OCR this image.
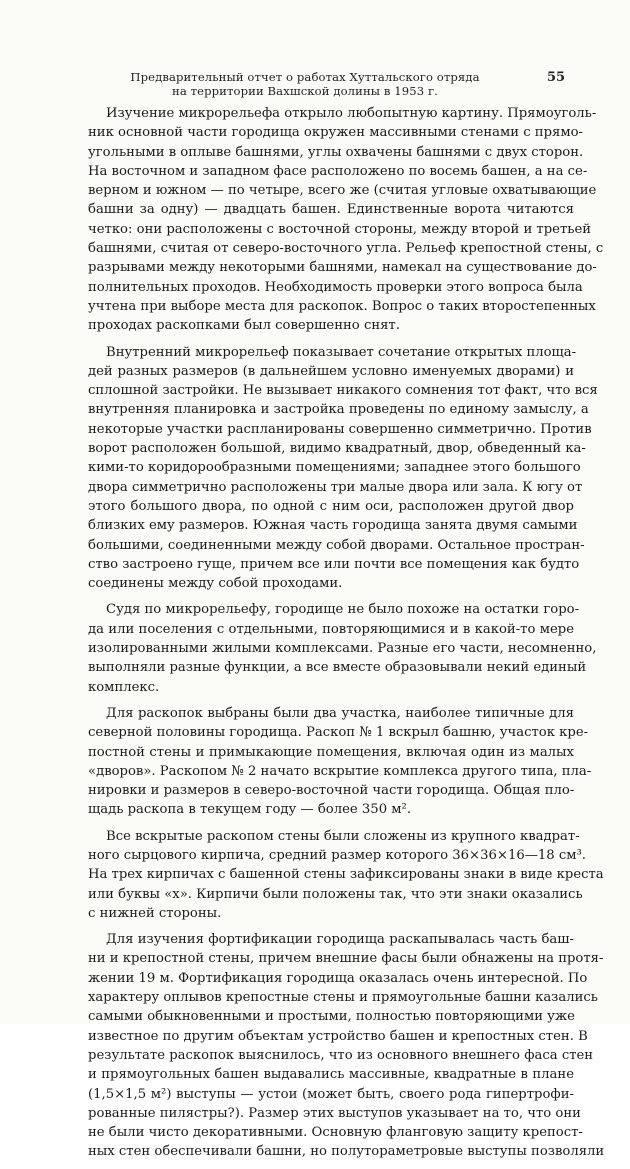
Предварительный отчет о работах Хуттальского отряда
на территории Вахшской долины в 1953 г.
55
Изучение микрорельефа открыло любопытную картину. Прямоуголь-
ник основной части городища окружен массивными стенами с прямо-
угольными в оплыве башнями, углы охвачены башнями с двух сторон.
На восточном и западном фасе расположено по восемь башен, а на се-
верном и южном — по четыре, всего же (считая угловые охватывающие
башни за одну) — двадцать башен. Единственные ворота читаются
четко: они расположены с восточной стороны, между второй и третьей
башнями, считая от северо-восточного угла. Рельеф крепостной стены, с
разрывами между некоторыми башнями, намекал на существование до-
полнительных проходов. Необходимость проверки этого вопроса была
учтена при выборе места для раскопок. Вопрос о таких второстепенных
проходах раскопками был совершенно снят.
Внутренний микрорельеф показывает сочетание открытых площа-
дей разных размеров (в дальнейшем условно именуемых дворами) и
сплошной застройки. Не вызывает никакого сомнения тот факт, что вся
внутренняя планировка и застройка проведены по единому замыслу, а
некоторые участки распланированы совершенно симметрично. Против
ворот расположен большой, видимо квадратный, двор, обведенный ка-
кими-то коридорообразными помещениями; западнее этого большого
двора симметрично расположены три малые двора или зала. К югу от
этого большого двора, по одной с ним оси, расположен другой двор
близких ему размеров. Южная часть городища занята двумя самыми
большими, соединенными между собой дворами. Остальное простран-
ство застроено гуще, причем все или почти все помещения как будто
соединены между собой проходами.
Судя по микрорельефу, городище не было похоже на остатки горо-
да или поселения с отдельными, повторяющимися и в какой-то мере
изолированными жилыми комплексами. Разные его части, несомненно,
выполняли разные функции, а все вместе образовывали некий единый
комплекс.
Для раскопок выбраны были два участка, наиболее типичные для
северной половины городища. Раскоп № 1 вскрыл башню, участок кре-
постной стены и примыкающие помещения, включая один из малых
«дворов». Раскопом № 2 начато вскрытие комплекса другого типа, пла-
нировки и размеров в северо-восточной части городища. Общая пло-
щадь раскопа в текущем году — более 350 м².
Все вскрытые раскопом стены были сложены из крупного квадрат-
ного сырцового кирпича, средний размер которого 36×36×16—18 см³.
На трех кирпичах с башенной стены зафиксированы знаки в виде креста
или буквы «х». Кирпичи были положены так, что эти знаки оказались
с нижней стороны.
Для изучения фортификации городища раскапывалась часть баш-
ни и крепостной стены, причем внешние фасы были обнажены на протя-
жении 19 м. Фортификация городища оказалась очень интересной. По
характеру оплывов крепостные стены и прямоугольные башни казались
самыми обыкновенными и простыми, полностью повторяющими уже
известное по другим объектам устройство башен и крепостных стен. В
результате раскопок выяснилось, что из основного внешнего фаса стен
и прямоугольных башен выдавались массивные, квадратные в плане
(1,5×1,5 м²) выступы — устои (может быть, своего рода гипертрофи-
рованные пилястры?). Размер этих выступов указывает на то, что они
не были чисто декоративными. Основную фланговую защиту крепост-
ных стен обеспечивали башни, но полутораметровые выступы позволяли
